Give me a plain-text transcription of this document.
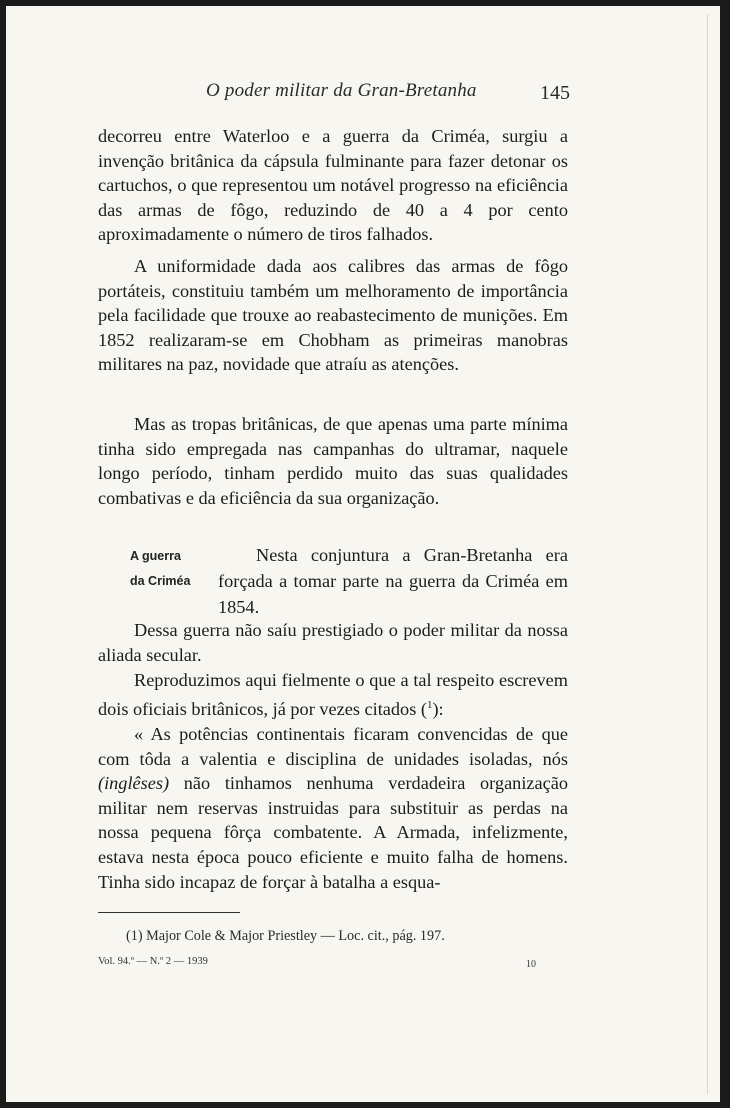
O poder militar da Gran-Bretanha	145

decorreu entre Waterloo e a guerra da Criméa, surgiu a invenção britânica da cápsula fulminante para fazer detonar os cartuchos, o que representou um notável progresso na eficiência das armas de fôgo, reduzindo de 40 a 4 por cento aproximadamente o número de tiros falhados.

A uniformidade dada aos calibres das armas de fôgo portáteis, constituiu também um melhoramento de importância pela facilidade que trouxe ao reabastecimento de munições. Em 1852 realizaram-se em Chobham as primeiras manobras militares na paz, novidade que atraíu as atenções.

Mas as tropas britânicas, de que apenas uma parte mínima tinha sido empregada nas campanhas do ultramar, naquele longo período, tinham perdido muito das suas qualidades combativas e da eficiência da sua organização.

A guerra
da Criméa
Nesta conjuntura a Gran-Bretanha era forçada a tomar parte na guerra da Criméa em 1854.

Dessa guerra não saíu prestigiado o poder militar da nossa aliada secular.

Reproduzimos aqui fielmente o que a tal respeito escrevem dois oficiais britânicos, já por vezes citados ($^1$):

« As potências continentais ficaram convencidas de que com tôda a valentia e disciplina de unidades isoladas, nós (inglêses) não tinhamos nenhuma verdadeira organização militar nem reservas instruidas para substituir as perdas na nossa pequena fôrça combatente. A Armada, infelizmente, estava nesta época pouco eficiente e muito falha de homens. Tinha sido incapaz de forçar à batalha a esqua-

(1) Major Cole & Major Priestley — Loc. cit., pág. 197.
Vol. 94.º — N.º 2 — 1939	10
